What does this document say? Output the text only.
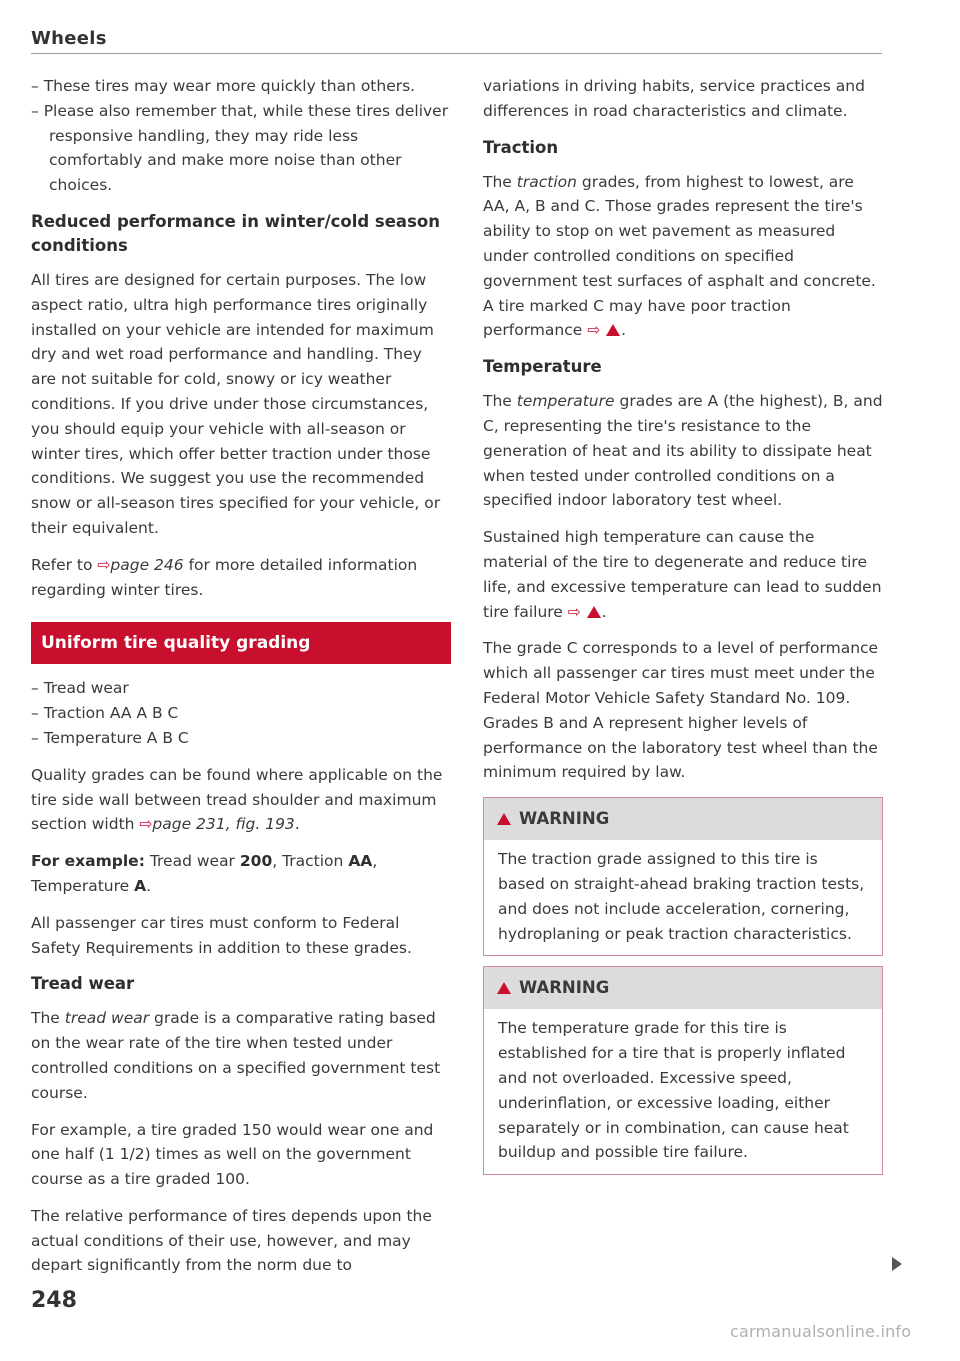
Wheels
– These tires may wear more quickly than others.
– Please also remember that, while these tires deliver responsive handling, they may ride less comfortably and make more noise than other choices.
Reduced performance in winter/cold season conditions

All tires are designed for certain purposes. The low aspect ratio, ultra high performance tires originally installed on your vehicle are intended for maximum dry and wet road performance and handling. They are not suitable for cold, snowy or icy weather conditions. If you drive under those circumstances, you should equip your vehicle with all-season or winter tires, which offer better traction under those conditions. We suggest you use the recommended snow or all-season tires specified for your vehicle, or their equivalent.

Refer to ⇨page 246 for more detailed information regarding winter tires.

Uniform tire quality grading
– Tread wear
– Traction AA A B C
– Temperature A B C

Quality grades can be found where applicable on the tire side wall between tread shoulder and maximum section width ⇨page 231, fig. 193.

For example: Tread wear 200, Traction AA, Temperature A.

All passenger car tires must conform to Federal Safety Requirements in addition to these grades.

Tread wear

The tread wear grade is a comparative rating based on the wear rate of the tire when tested under controlled conditions on a specified government test course.

For example, a tire graded 150 would wear one and one half (1 1/2) times as well on the government course as a tire graded 100.

The relative performance of tires depends upon the actual conditions of their use, however, and may depart significantly from the norm due to

variations in driving habits, service practices and differences in road characteristics and climate.

Traction

The traction grades, from highest to lowest, are AA, A, B and C. Those grades represent the tire's ability to stop on wet pavement as measured under controlled conditions on specified government test surfaces of asphalt and concrete. A tire marked C may have poor traction performance ⇨ .

Temperature

The temperature grades are A (the highest), B, and C, representing the tire's resistance to the generation of heat and its ability to dissipate heat when tested under controlled conditions on a specified indoor laboratory test wheel.

Sustained high temperature can cause the material of the tire to degenerate and reduce tire life, and excessive temperature can lead to sudden tire failure ⇨ .

The grade C corresponds to a level of performance which all passenger car tires must meet under the Federal Motor Vehicle Safety Standard No. 109. Grades B and A represent higher levels of performance on the laboratory test wheel than the minimum required by law.

WARNING

The traction grade assigned to this tire is based on straight-ahead braking traction tests, and does not include acceleration, cornering, hydroplaning or peak traction characteristics.

WARNING

The temperature grade for this tire is established for a tire that is properly inflated and not overloaded. Excessive speed, underinflation, or excessive loading, either separately or in combination, can cause heat buildup and possible tire failure.

248
carmanualsonline.info
